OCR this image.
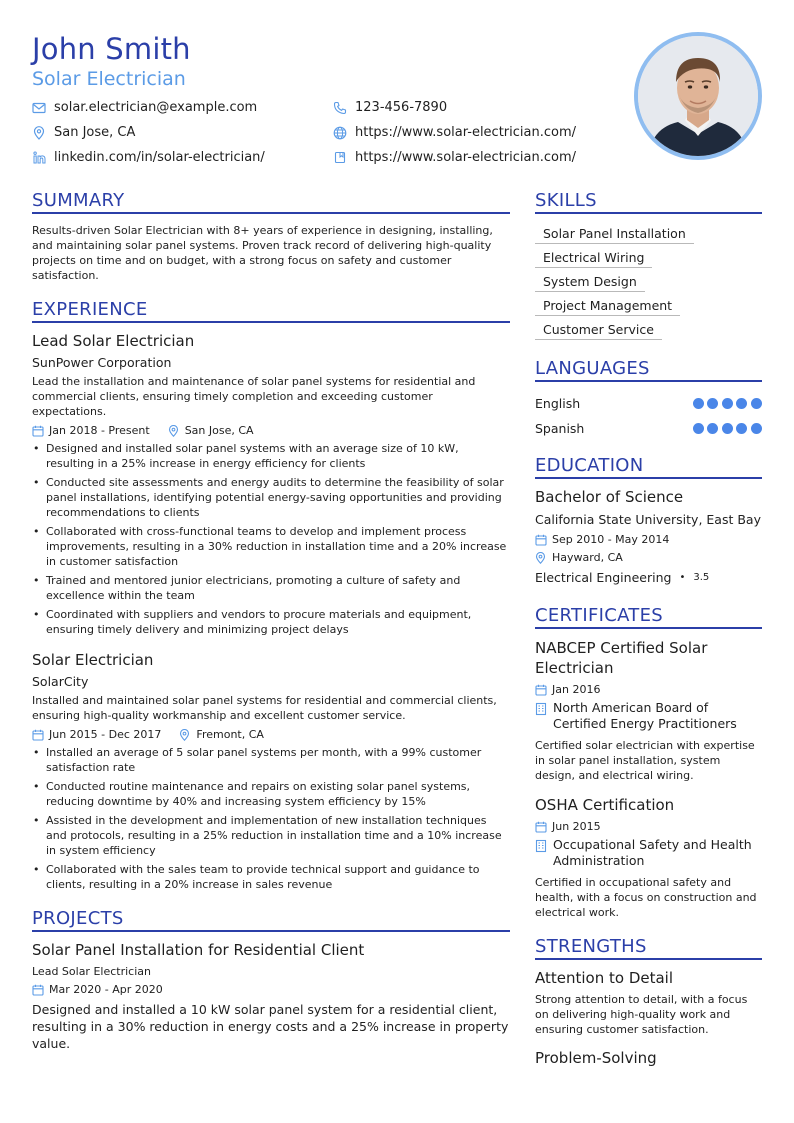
John Smith
Solar Electrician
solar.electrician@example.com	123-456-7890
San Jose, CA	https://www.solar-electrician.com/
linkedin.com/in/solar-electrician/	https://www.solar-electrician.com/
SUMMARY
Results-driven Solar Electrician with 8+ years of experience in designing, installing, and maintaining solar panel systems. Proven track record of delivering high-quality projects on time and on budget, with a strong focus on safety and customer satisfaction.
EXPERIENCE
Lead Solar Electrician
SunPower Corporation
Lead the installation and maintenance of solar panel systems for residential and commercial clients, ensuring timely completion and exceeding customer expectations.
Jan 2018 - Present	San Jose, CA
• Designed and installed solar panel systems with an average size of 10 kW, resulting in a 25% increase in energy efficiency for clients
• Conducted site assessments and energy audits to determine the feasibility of solar panel installations, identifying potential energy-saving opportunities and providing recommendations to clients
• Collaborated with cross-functional teams to develop and implement process improvements, resulting in a 30% reduction in installation time and a 20% increase in customer satisfaction
• Trained and mentored junior electricians, promoting a culture of safety and excellence within the team
• Coordinated with suppliers and vendors to procure materials and equipment, ensuring timely delivery and minimizing project delays
Solar Electrician
SolarCity
Installed and maintained solar panel systems for residential and commercial clients, ensuring high-quality workmanship and excellent customer service.
Jun 2015 - Dec 2017	Fremont, CA
• Installed an average of 5 solar panel systems per month, with a 99% customer satisfaction rate
• Conducted routine maintenance and repairs on existing solar panel systems, reducing downtime by 40% and increasing system efficiency by 15%
• Assisted in the development and implementation of new installation techniques and protocols, resulting in a 25% reduction in installation time and a 10% increase in system efficiency
• Collaborated with the sales team to provide technical support and guidance to clients, resulting in a 20% increase in sales revenue
PROJECTS
Solar Panel Installation for Residential Client
Lead Solar Electrician
Mar 2020 - Apr 2020
Designed and installed a 10 kW solar panel system for a residential client, resulting in a 30% reduction in energy costs and a 25% increase in property value.
SKILLS
Solar Panel Installation
Electrical Wiring
System Design
Project Management
Customer Service
LANGUAGES
English
Spanish
EDUCATION
Bachelor of Science
California State University, East Bay
Sep 2010 - May 2014
Hayward, CA
Electrical Engineering • 3.5
CERTIFICATES
NABCEP Certified Solar Electrician
Jan 2016
North American Board of Certified Energy Practitioners
Certified solar electrician with expertise in solar panel installation, system design, and electrical wiring.
OSHA Certification
Jun 2015
Occupational Safety and Health Administration
Certified in occupational safety and health, with a focus on construction and electrical work.
STRENGTHS
Attention to Detail
Strong attention to detail, with a focus on delivering high-quality work and ensuring customer satisfaction.
Problem-Solving
